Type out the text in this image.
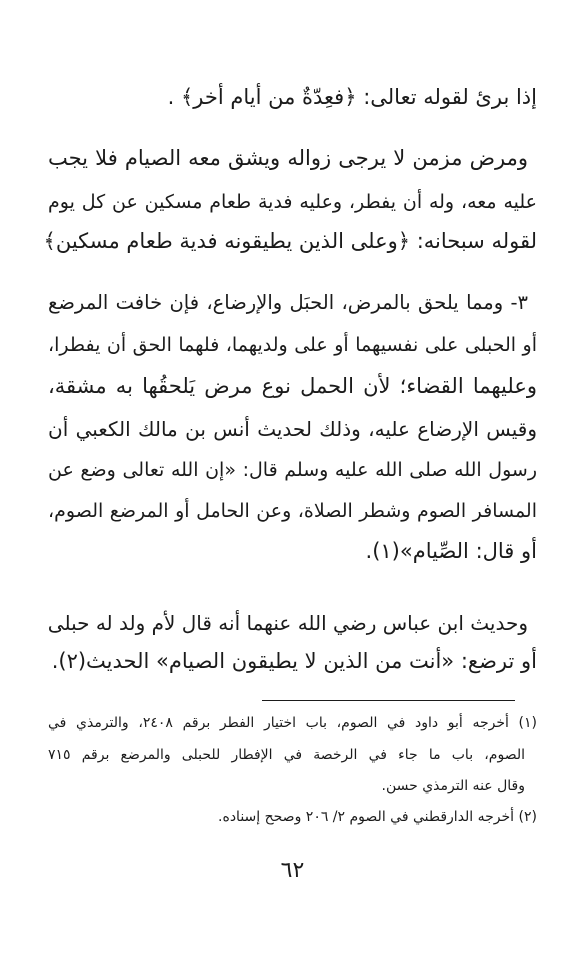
إذا برئ لقوله تعالى: ﴿فعِدّةٌ من أيام أخر﴾ .
ومرض مزمن لا يرجى زواله ويشق معه الصيام فلا يجب
عليه معه، وله أن يفطر، وعليه فدية طعام مسكين عن كل يوم
لقوله سبحانه: ﴿وعلى الذين يطيقونه فدية طعام مسكين﴾
٣- ومما يلحق بالمرض، الحبَل والإرضاع، فإن خافت المرضع
أو الحبلى على نفسيهما أو على ولديهما، فلهما الحق أن يفطرا،
وعليهما القضاء؛ لأن الحمل نوع مرض يَلحقُها به مشقة،
وقيس الإرضاع عليه، وذلك لحديث أنس بن مالك الكعبي أن
رسول الله صلى الله عليه وسلم قال: «إن الله تعالى وضع عن
المسافر الصوم وشطر الصلاة، وعن الحامل أو المرضع الصوم،
أو قال: الصِّيام»(١).
وحديث ابن عباس رضي الله عنهما أنه قال لأم ولد له حبلى
أو ترضع: «أنت من الذين لا يطيقون الصيام» الحديث(٢).
(١) أخرجه أبو داود في الصوم، باب اختيار الفطر برقم ٢٤٠٨، والترمذي في
الصوم، باب ما جاء في الرخصة في الإفطار للحبلى والمرضع برقم ٧١٥
وقال عنه الترمذي حسن.
(٢) أخرجه الدارقطني في الصوم ٢/ ٢٠٦ وصحح إسناده.
٦٢
